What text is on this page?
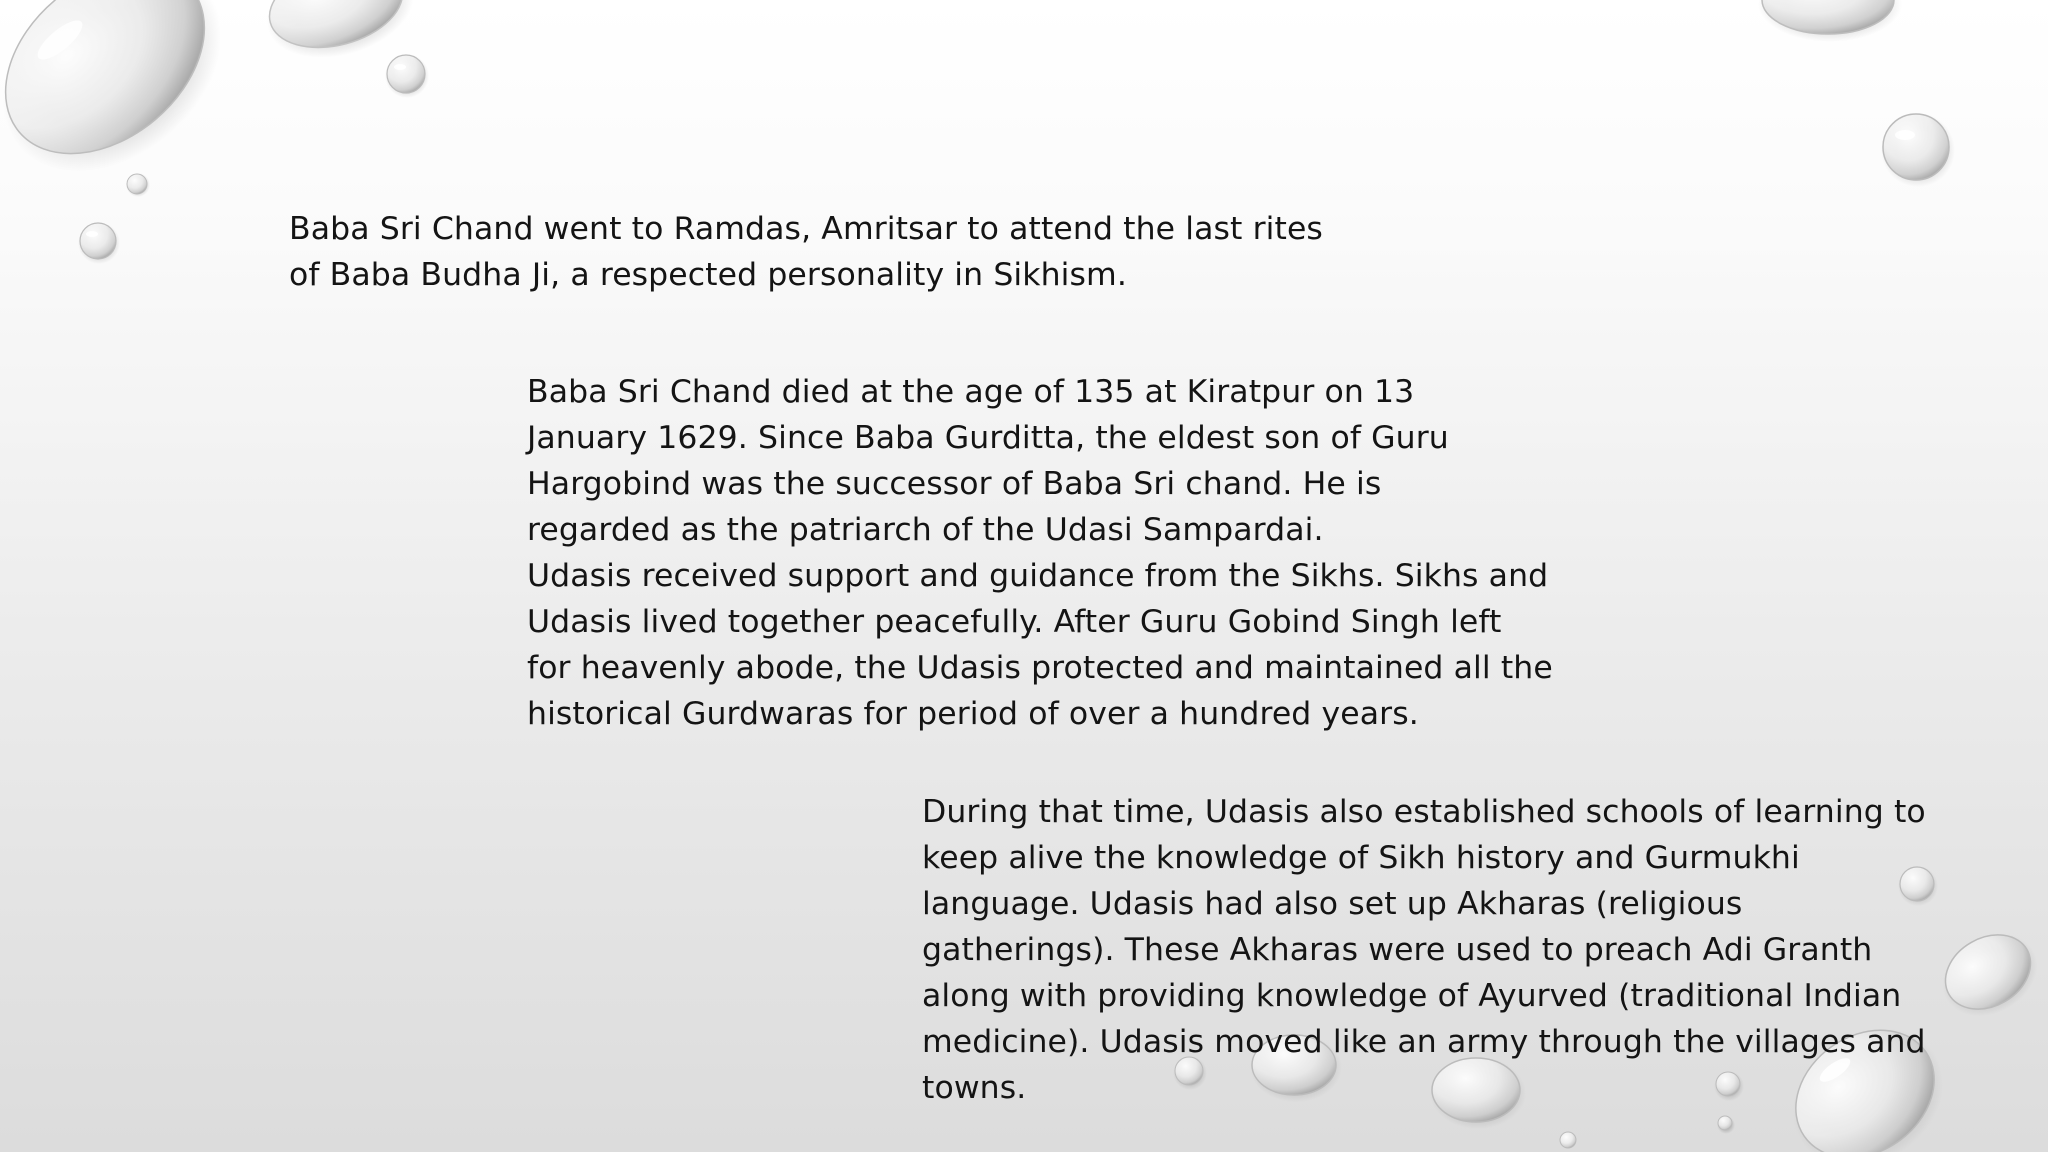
Baba Sri Chand went to Ramdas, Amritsar to attend the last rites
of Baba Budha Ji, a respected personality in Sikhism.
Baba Sri Chand died at the age of 135 at Kiratpur on 13
January 1629. Since Baba Gurditta, the eldest son of Guru
Hargobind was the successor of Baba Sri chand. He is
regarded as the patriarch of the Udasi Sampardai.
Udasis received support and guidance from the Sikhs. Sikhs and
Udasis lived together peacefully. After Guru Gobind Singh left
for heavenly abode, the Udasis protected and maintained all the
historical Gurdwaras for period of over a hundred years.
During that time, Udasis also established schools of learning to
keep alive the knowledge of Sikh history and Gurmukhi
language. Udasis had also set up Akharas (religious
gatherings). These Akharas were used to preach Adi Granth
along with providing knowledge of Ayurved (traditional Indian
medicine). Udasis moved like an army through the villages and
towns.
